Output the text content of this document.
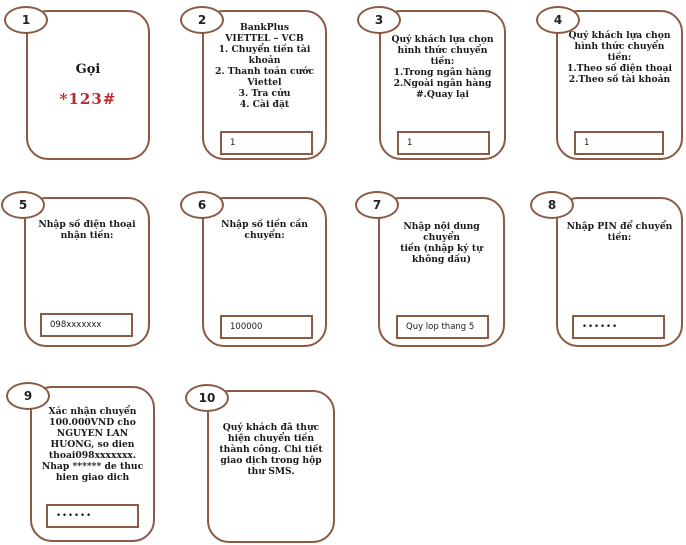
1
Gọi
*123#
2
BankPlus
VIETTEL – VCB
1. Chuyển tiền tài
khoản
2. Thanh toán cước
Viettel
3. Tra cứu
4. Cài đặt
1
3
Quý khách lựa chọn
hình thức chuyển
tiền:
1.Trong ngân hàng
2.Ngoài ngân hàng
#.Quay lại
1
4
Quý khách lựa chọn
hình thức chuyển
tiền:
1.Theo số điện thoại
2.Theo số tài khoản
1
5
Nhập số điện thoại
nhận tiền:
098xxxxxxx
6
Nhập số tiền cần
chuyển:
100000
7
Nhập nội dung chuyển
tiền (nhập ký tự
không dấu)
Quy lop thang 5
8
Nhập PIN để chuyển
tiền:
••••••
9
Xác nhận chuyển
100.000VND cho
NGUYEN LAN
HUONG, so dien
thoai098xxxxxxx.
Nhap ****** de thuc
hien giao dich
••••••
10
Quý khách đã thực
hiện chuyển tiền
thành công. Chi tiết
giao dịch trong hộp
thư SMS.
